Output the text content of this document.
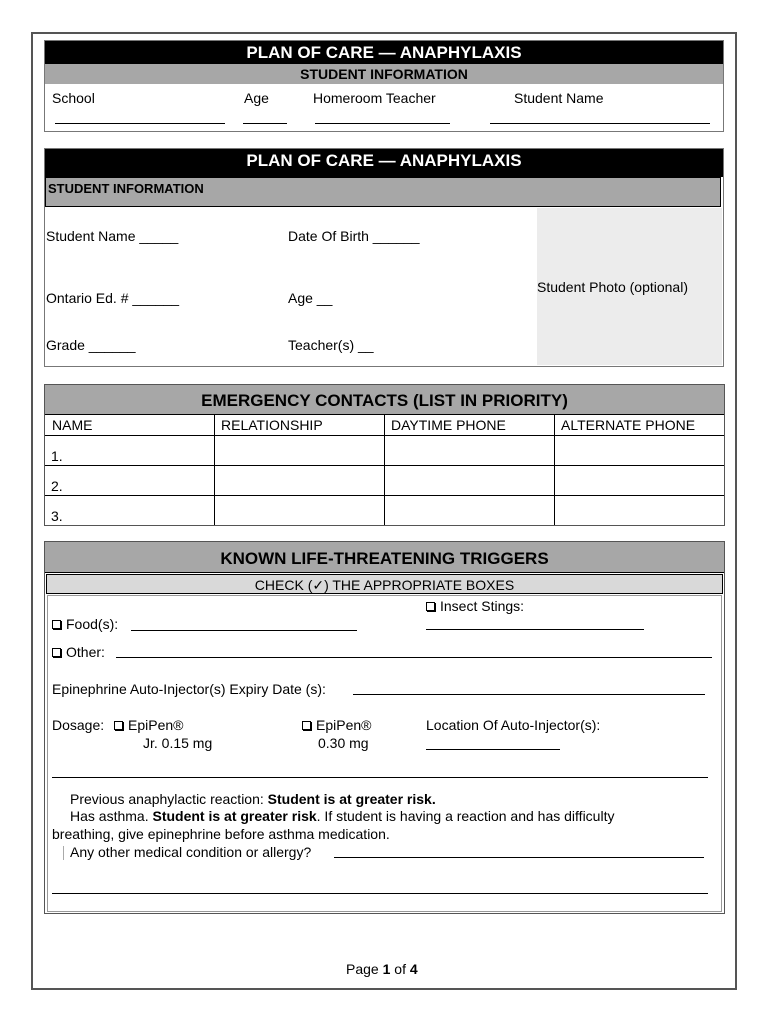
PLAN OF CARE — ANAPHYLAXIS
STUDENT INFORMATION
School	Age	Homeroom Teacher	Student Name
PLAN OF CARE — ANAPHYLAXIS
STUDENT INFORMATION
Student Photo (optional)
Student Name _____	Date Of Birth ______
Ontario Ed. # ______	Age __
Grade ______	Teacher(s) __
EMERGENCY CONTACTS (LIST IN PRIORITY)
NAME	RELATIONSHIP	DAYTIME PHONE	ALTERNATE PHONE
1.
2.
3.
KNOWN LIFE-THREATENING TRIGGERS
CHECK (✓) THE APPROPRIATE BOXES
Insect Stings:
Food(s):
Other:
Epinephrine Auto-Injector(s) Expiry Date (s):
Dosage:	EpiPen®
Jr. 0.15 mg
EpiPen®
0.30 mg
Location Of Auto-Injector(s):
Previous anaphylactic reaction: Student is at greater risk.
Has asthma. Student is at greater risk. If student is having a reaction and has difficulty
breathing, give epinephrine before asthma medication.
Any other medical condition or allergy?
Page 1 of 4
